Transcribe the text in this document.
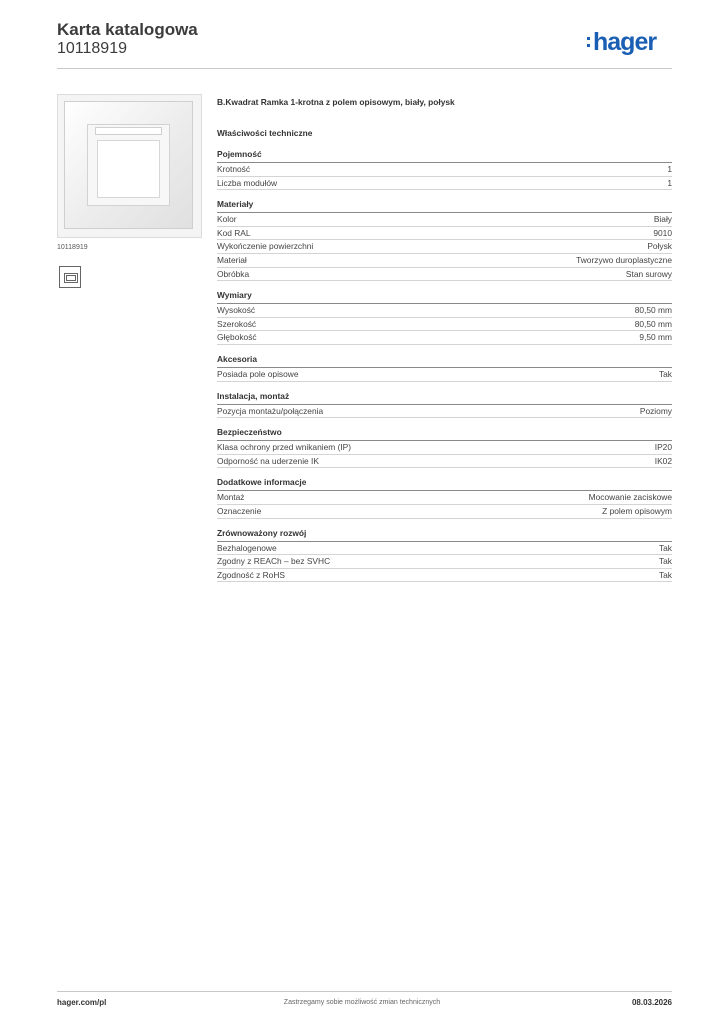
Karta katalogowa
10118919	hager
10118919
B.Kwadrat Ramka 1-krotna z polem opisowym, biały, połysk
Właściwości techniczne
Pojemność
Krotność	1
Liczba modułów	1
Materiały
Kolor	Biały
Kod RAL	9010
Wykończenie powierzchni	Połysk
Materiał	Tworzywo duroplastyczne
Obróbka	Stan surowy
Wymiary
Wysokość	80,50 mm
Szerokość	80,50 mm
Głębokość	9,50 mm
Akcesoria
Posiada pole opisowe	Tak
Instalacja, montaż
Pozycja montażu/połączenia	Poziomy
Bezpieczeństwo
Klasa ochrony przed wnikaniem (IP)	IP20
Odporność na uderzenie IK	IK02
Dodatkowe informacje
Montaż	Mocowanie zaciskowe
Oznaczenie	Z polem opisowym
Zrównoważony rozwój
Bezhalogenowe	Tak
Zgodny z REACh – bez SVHC	Tak
Zgodność z RoHS	Tak
hager.com/pl	Zastrzegamy sobie możliwość zmian technicznych	08.03.2026
